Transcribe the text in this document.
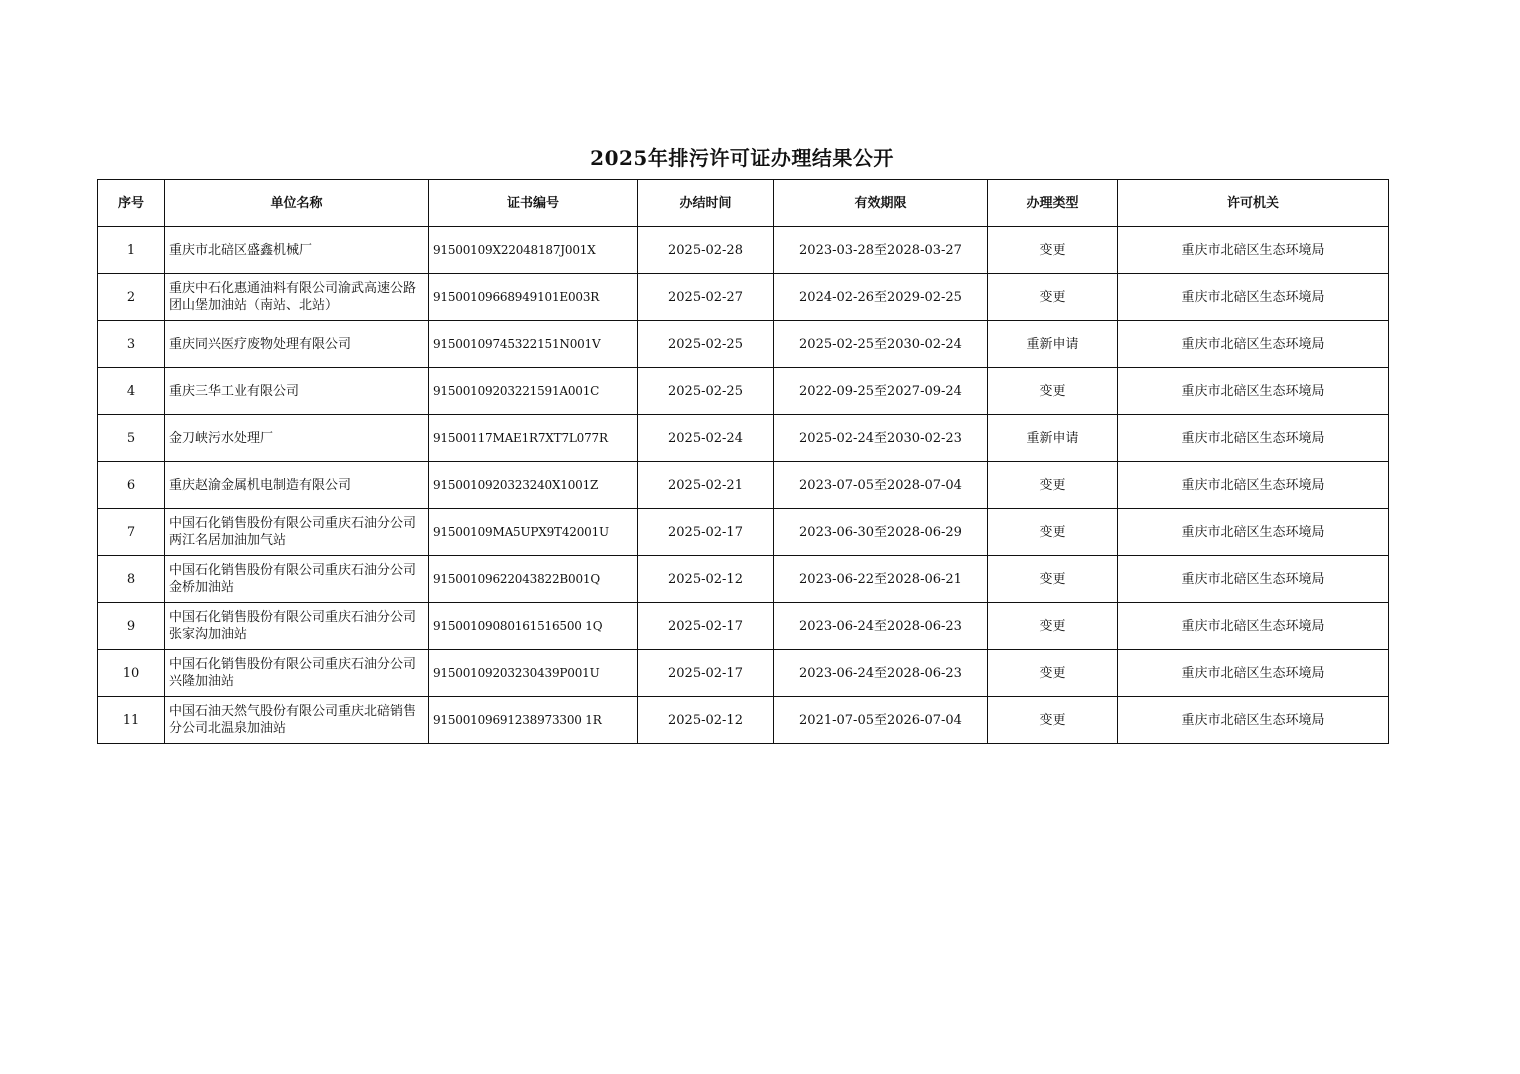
2025年排污许可证办理结果公开
序号	单位名称	证书编号	办结时间	有效期限	办理类型	许可机关
1	重庆市北碚区盛鑫机械厂	91500109X22048187J001X	2025-02-28	2023-03-28至2028-03-27	变更	重庆市北碚区生态环境局
2	重庆中石化惠通油料有限公司渝武高速公路团山堡加油站（南站、北站）	91500109668949101E003R	2025-02-27	2024-02-26至2029-02-25	变更	重庆市北碚区生态环境局
3	重庆同兴医疗废物处理有限公司	91500109745322151N001V	2025-02-25	2025-02-25至2030-02-24	重新申请	重庆市北碚区生态环境局
4	重庆三华工业有限公司	91500109203221591A001C	2025-02-25	2022-09-25至2027-09-24	变更	重庆市北碚区生态环境局
5	金刀峡污水处理厂	91500117MAE1R7XT7L077R	2025-02-24	2025-02-24至2030-02-23	重新申请	重庆市北碚区生态环境局
6	重庆赵渝金属机电制造有限公司	9150010920323240X1001Z	2025-02-21	2023-07-05至2028-07-04	变更	重庆市北碚区生态环境局
7	中国石化销售股份有限公司重庆石油分公司两江名居加油加气站	91500109MA5UPX9T42001U	2025-02-17	2023-06-30至2028-06-29	变更	重庆市北碚区生态环境局
8	中国石化销售股份有限公司重庆石油分公司金桥加油站	91500109622043822B001Q	2025-02-12	2023-06-22至2028-06-21	变更	重庆市北碚区生态环境局
9	中国石化销售股份有限公司重庆石油分公司张家沟加油站	91500109080161516500 1Q	2025-02-17	2023-06-24至2028-06-23	变更	重庆市北碚区生态环境局
10	中国石化销售股份有限公司重庆石油分公司兴隆加油站	91500109203230439P001U	2025-02-17	2023-06-24至2028-06-23	变更	重庆市北碚区生态环境局
11	中国石油天然气股份有限公司重庆北碚销售分公司北温泉加油站	91500109691238973300 1R	2025-02-12	2021-07-05至2026-07-04	变更	重庆市北碚区生态环境局
